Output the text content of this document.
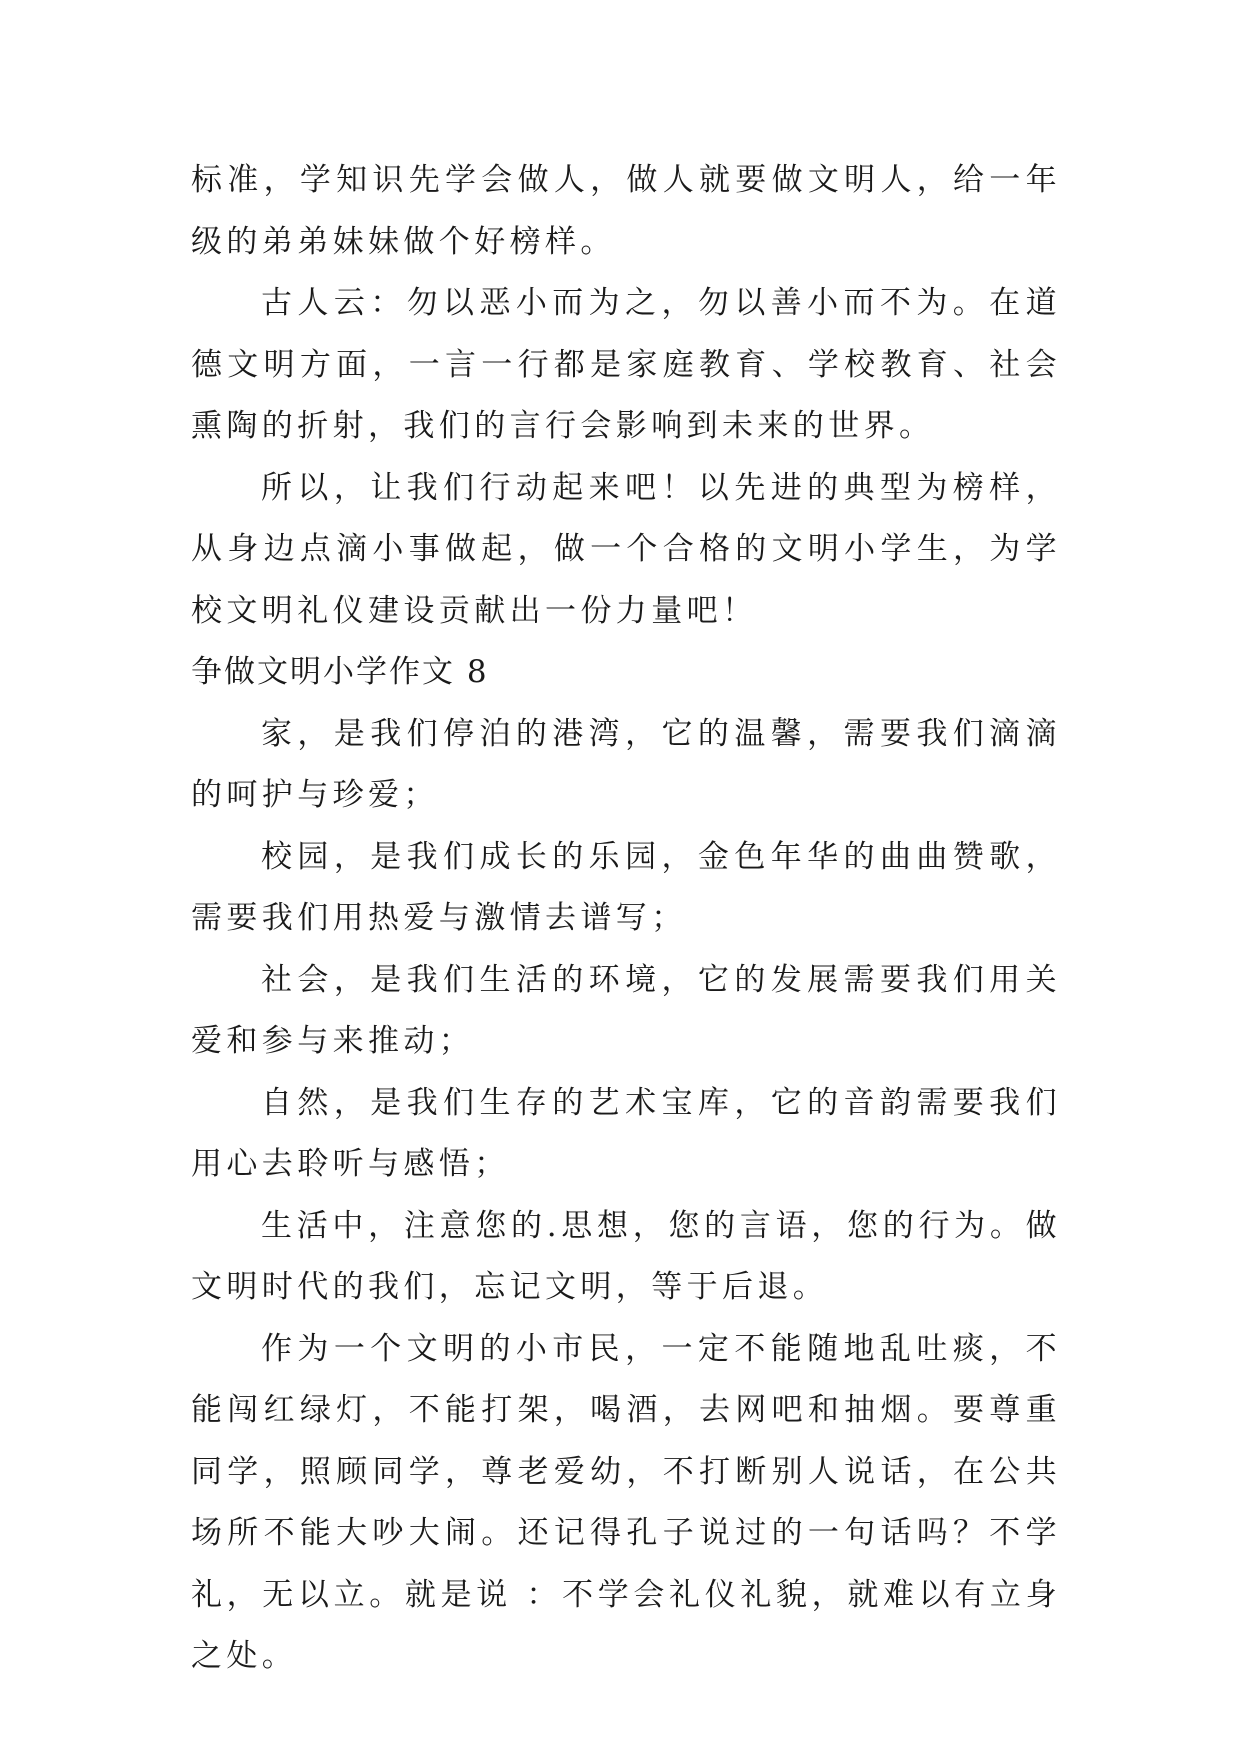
标准，学知识先学会做人，做人就要做文明人，给一年级的弟弟妹妹做个好榜样。

古人云：勿以恶小而为之，勿以善小而不为。在道德文明方面，一言一行都是家庭教育、学校教育、社会熏陶的折射，我们的言行会影响到未来的世界。

所以，让我们行动起来吧！以先进的典型为榜样，从身边点滴小事做起，做一个合格的文明小学生，为学校文明礼仪建设贡献出一份力量吧！

争做文明小学作文 8

家，是我们停泊的港湾，它的温馨，需要我们滴滴的呵护与珍爱；

校园，是我们成长的乐园，金色年华的曲曲赞歌，需要我们用热爱与激情去谱写；

社会，是我们生活的环境，它的发展需要我们用关爱和参与来推动；

自然，是我们生存的艺术宝库，它的音韵需要我们用心去聆听与感悟；

生活中，注意您的.思想，您的言语，您的行为。做文明时代的我们，忘记文明，等于后退。

作为一个文明的小市民，一定不能随地乱吐痰，不能闯红绿灯，不能打架，喝酒，去网吧和抽烟。要尊重同学，照顾同学，尊老爱幼，不打断别人说话，在公共场所不能大吵大闹。还记得孔子说过的一句话吗？不学礼，无以立。就是说 ：不学会礼仪礼貌，就难以有立身之处。
